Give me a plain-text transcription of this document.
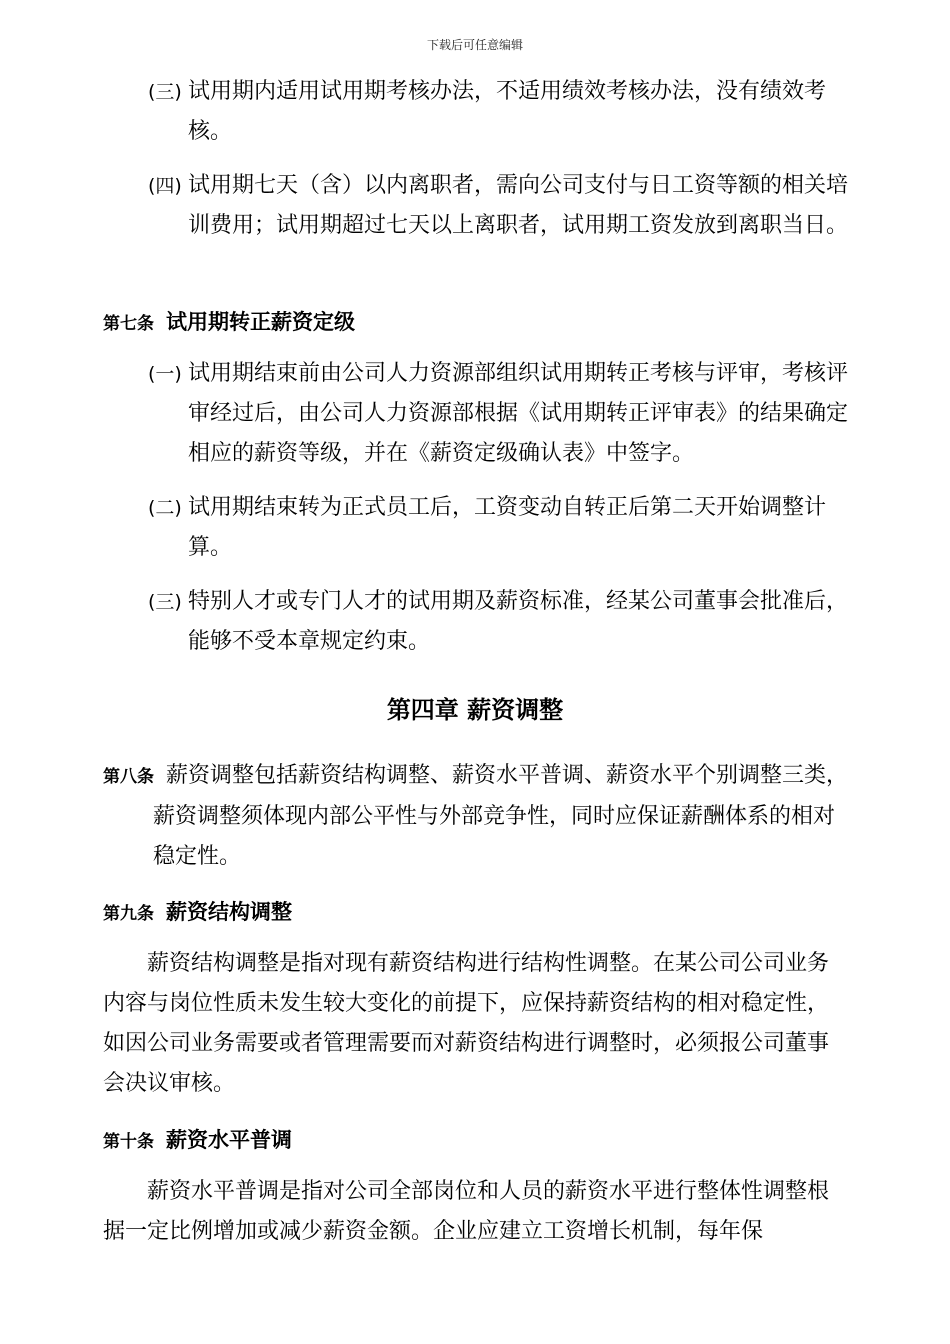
下载后可任意编辑
(三) 试用期内适用试用期考核办法，不适用绩效考核办法，没有绩效考核。
(四) 试用期七天（含）以内离职者，需向公司支付与日工资等额的相关培训费用；试用期超过七天以上离职者，试用期工资发放到离职当日。
第七条 试用期转正薪资定级
(一) 试用期结束前由公司人力资源部组织试用期转正考核与评审，考核评审经过后，由公司人力资源部根据《试用期转正评审表》的结果确定相应的薪资等级，并在《薪资定级确认表》中签字。
(二) 试用期结束转为正式员工后，工资变动自转正后第二天开始调整计算。
(三) 特别人才或专门人才的试用期及薪资标准，经某公司董事会批准后，能够不受本章规定约束。
第四章 薪资调整
第八条 薪资调整包括薪资结构调整、薪资水平普调、薪资水平个别调整三类，薪资调整须体现内部公平性与外部竞争性，同时应保证薪酬体系的相对稳定性。
第九条 薪资结构调整
薪资结构调整是指对现有薪资结构进行结构性调整。在某公司公司业务内容与岗位性质未发生较大变化的前提下，应保持薪资结构的相对稳定性，如因公司业务需要或者管理需要而对薪资结构进行调整时，必须报公司董事会决议审核。
第十条 薪资水平普调
薪资水平普调是指对公司全部岗位和人员的薪资水平进行整体性调整根据一定比例增加或减少薪资金额。企业应建立工资增长机制，每年保
